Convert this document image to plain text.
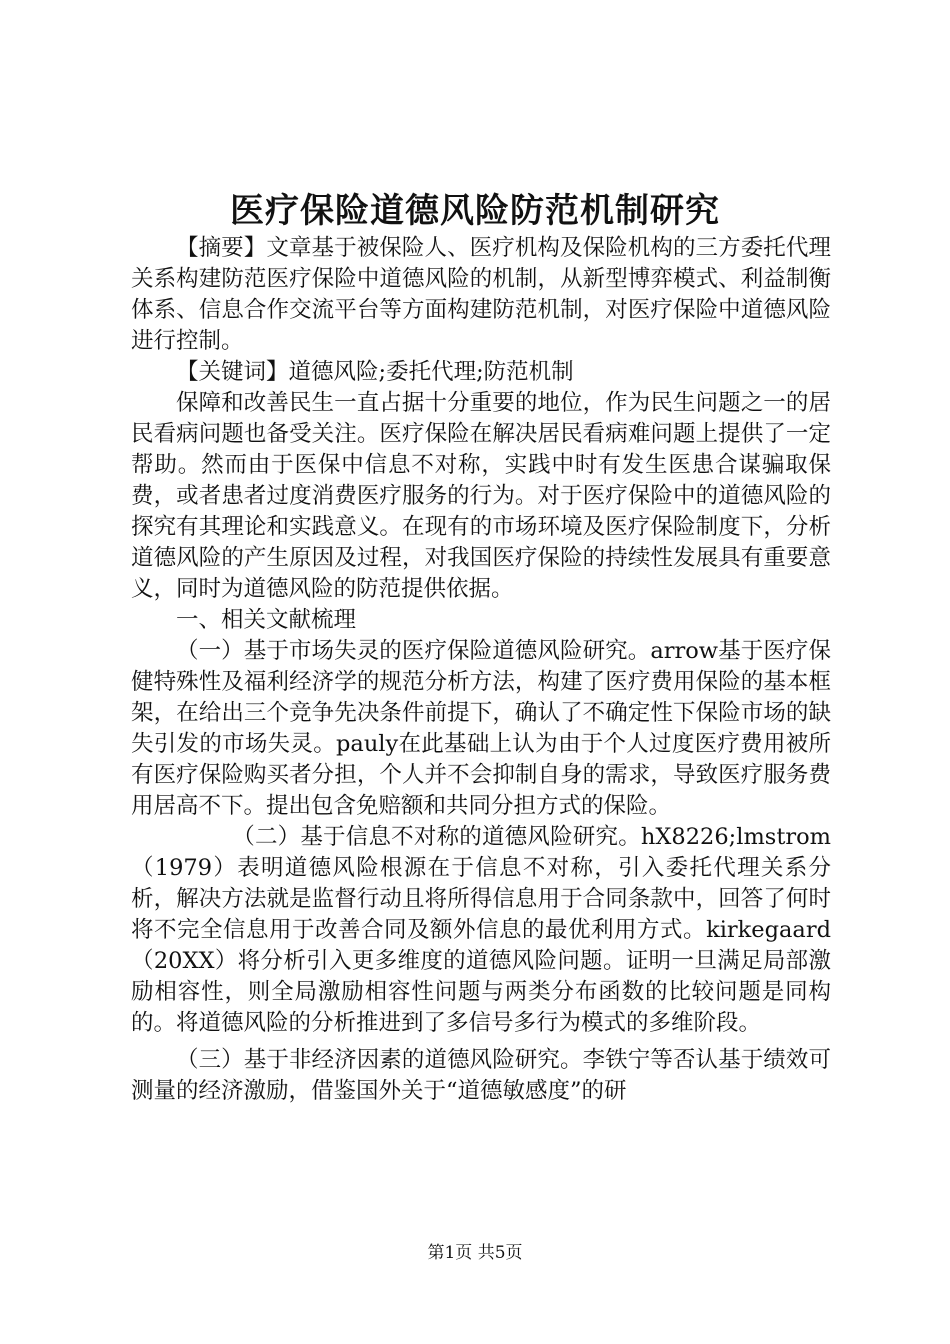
医疗保险道德风险防范机制研究

【摘要】文章基于被保险人、医疗机构及保险机构的三方委托代理关系构建防范医疗保险中道德风险的机制，从新型博弈模式、利益制衡体系、信息合作交流平台等方面构建防范机制，对医疗保险中道德风险进行控制。

【关键词】道德风险;委托代理;防范机制

保障和改善民生一直占据十分重要的地位，作为民生问题之一的居民看病问题也备受关注。医疗保险在解决居民看病难问题上提供了一定帮助。然而由于医保中信息不对称，实践中时有发生医患合谋骗取保费，或者患者过度消费医疗服务的行为。对于医疗保险中的道德风险的探究有其理论和实践意义。在现有的市场环境及医疗保险制度下，分析道德风险的产生原因及过程，对我国医疗保险的持续性发展具有重要意义，同时为道德风险的防范提供依据。

一、相关文献梳理

（一）基于市场失灵的医疗保险道德风险研究。arrow基于医疗保健特殊性及福利经济学的规范分析方法，构建了医疗费用保险的基本框架，在给出三个竞争先决条件前提下，确认了不确定性下保险市场的缺失引发的市场失灵。pauly在此基础上认为由于个人过度医疗费用被所有医疗保险购买者分担，个人并不会抑制自身的需求，导致医疗服务费用居高不下。提出包含免赔额和共同分担方式的保险。

（二）基于信息不对称的道德风险研究。hX8226;lmstrom（1979）表明道德风险根源在于信息不对称，引入委托代理关系分析，解决方法就是监督行动且将所得信息用于合同条款中，回答了何时将不完全信息用于改善合同及额外信息的最优利用方式。kirkegaard（20XX）将分析引入更多维度的道德风险问题。证明一旦满足局部激励相容性，则全局激励相容性问题与两类分布函数的比较问题是同构的。将道德风险的分析推进到了多信号多行为模式的多维阶段。

（三）基于非经济因素的道德风险研究。李铁宁等否认基于绩效可测量的经济激励，借鉴国外关于“道德敏感度”的研

第1页 共5页
